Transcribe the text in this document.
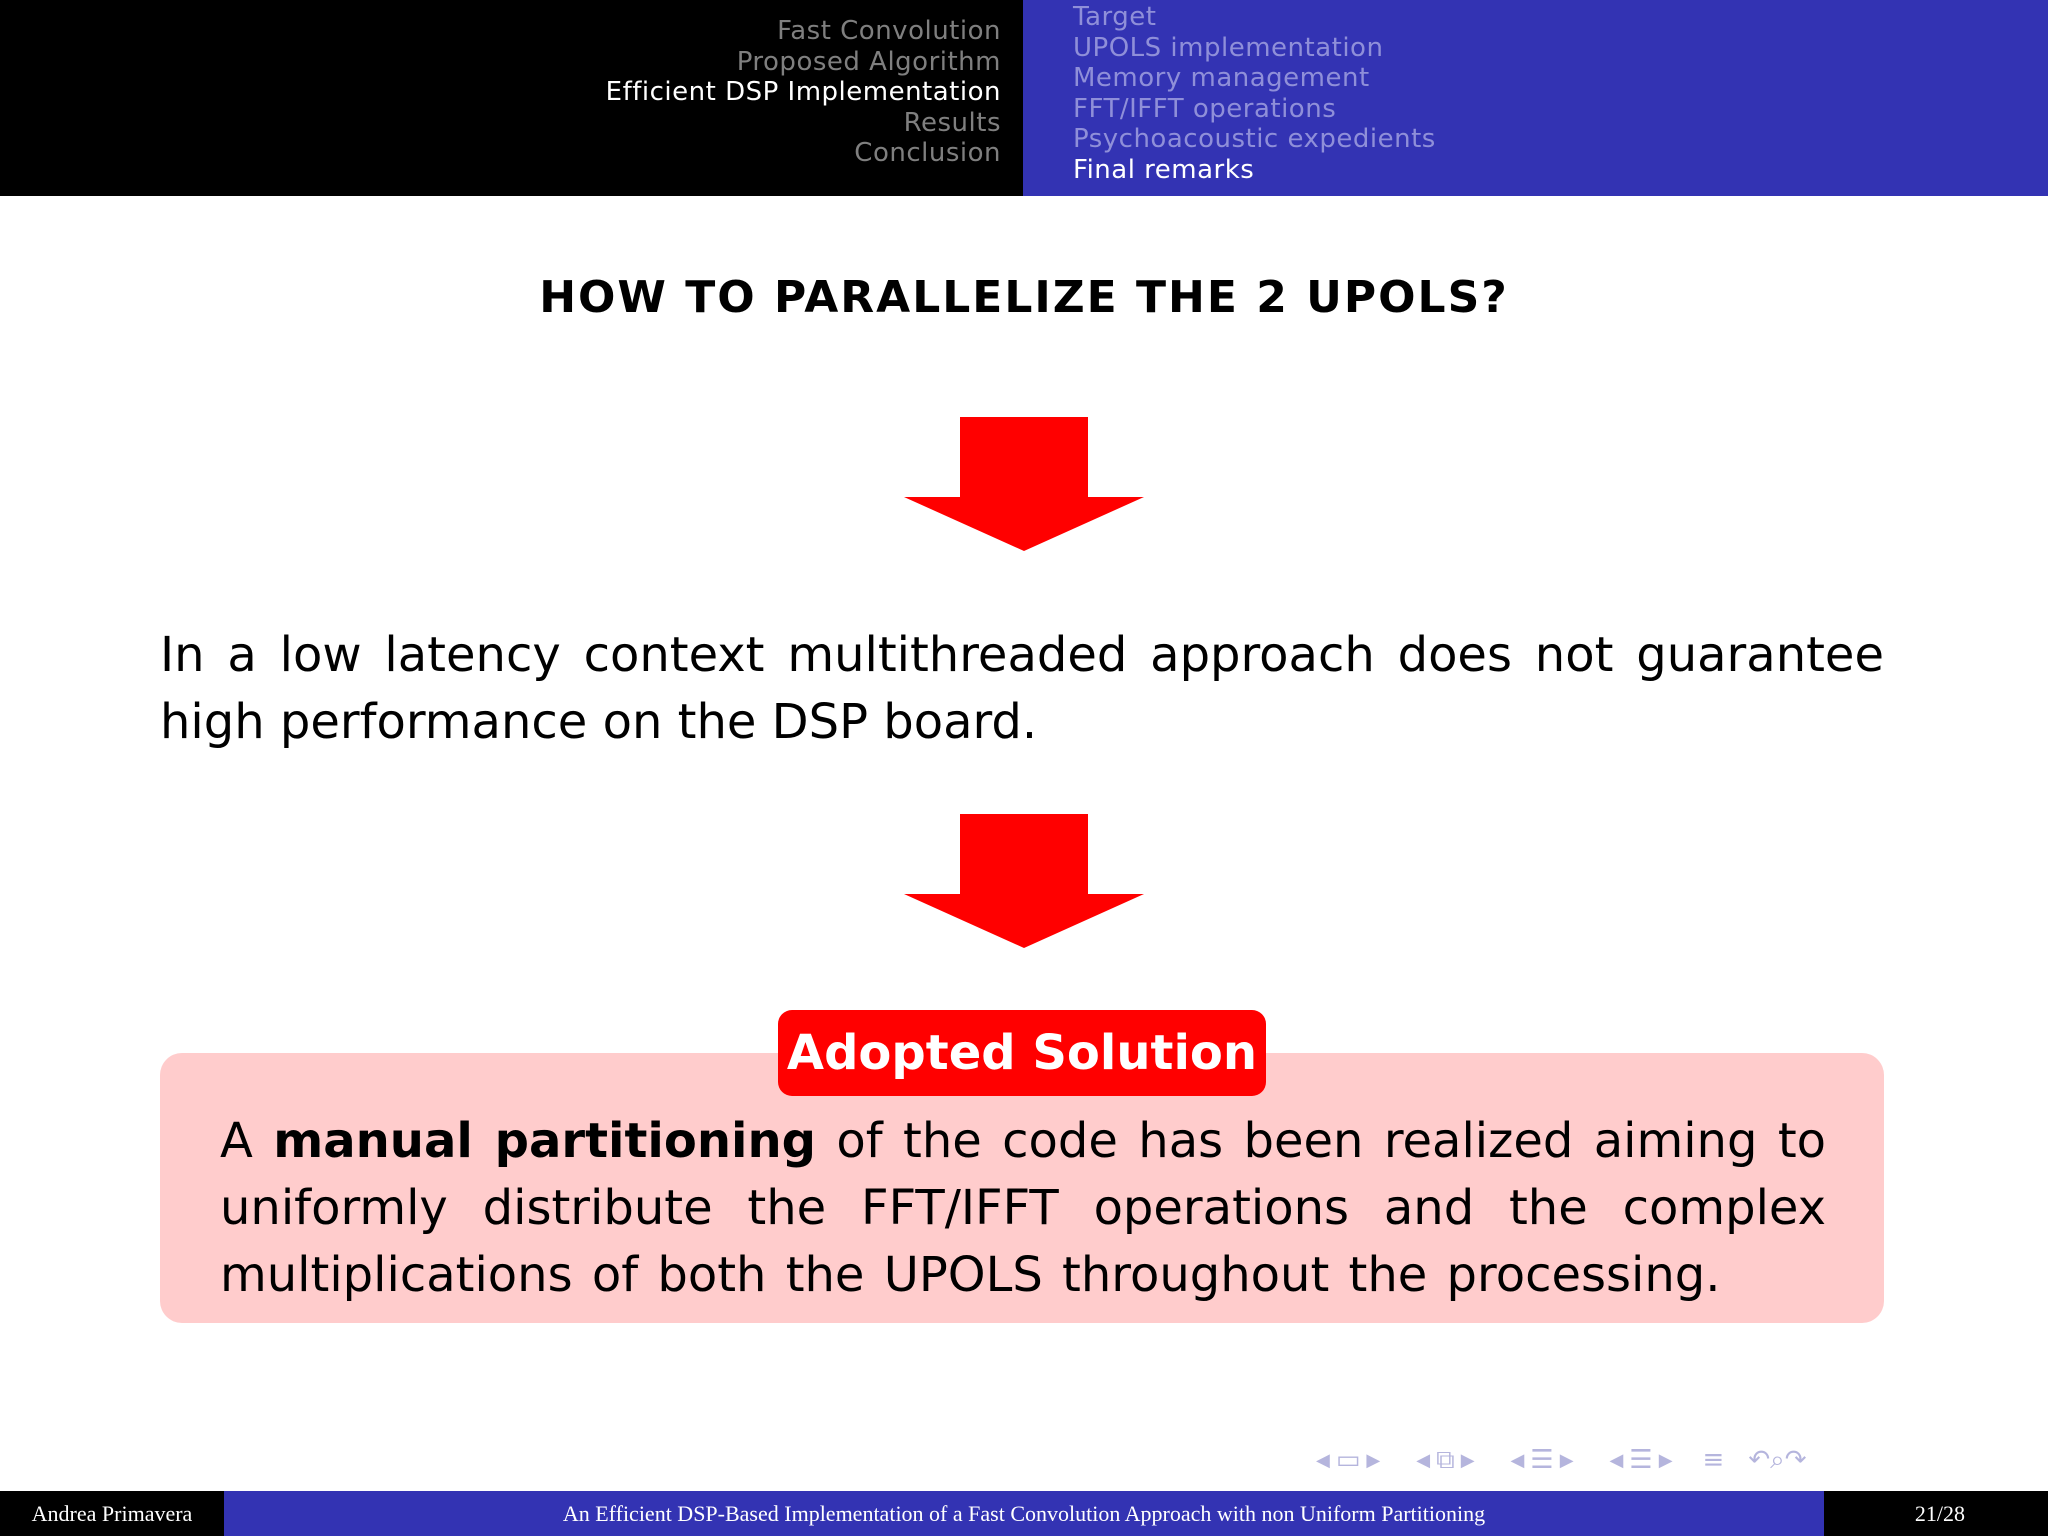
Fast Convolution
Proposed Algorithm
Efficient DSP Implementation
Results
Conclusion
Target
UPOLS implementation
Memory management
FFT/IFFT operations
Psychoacoustic expedients
Final remarks
HOW TO PARALLELIZE THE 2 UPOLS?
In a low latency context multithreaded approach does not guarantee high performance on the DSP board.
Adopted Solution
A manual partitioning of the code has been realized aiming to uniformly distribute the FFT/IFFT operations and the complex multiplications of both the UPOLS throughout the processing.
◀ ▭ ▶ ◀ ⧉ ▶ ◀ ☰ ▶ ◀ ☰ ▶ ≡ ↶ ⌕ ↷
Andrea Primavera	An Efficient DSP-Based Implementation of a Fast Convolution Approach with non Uniform Partitioning	21/28
